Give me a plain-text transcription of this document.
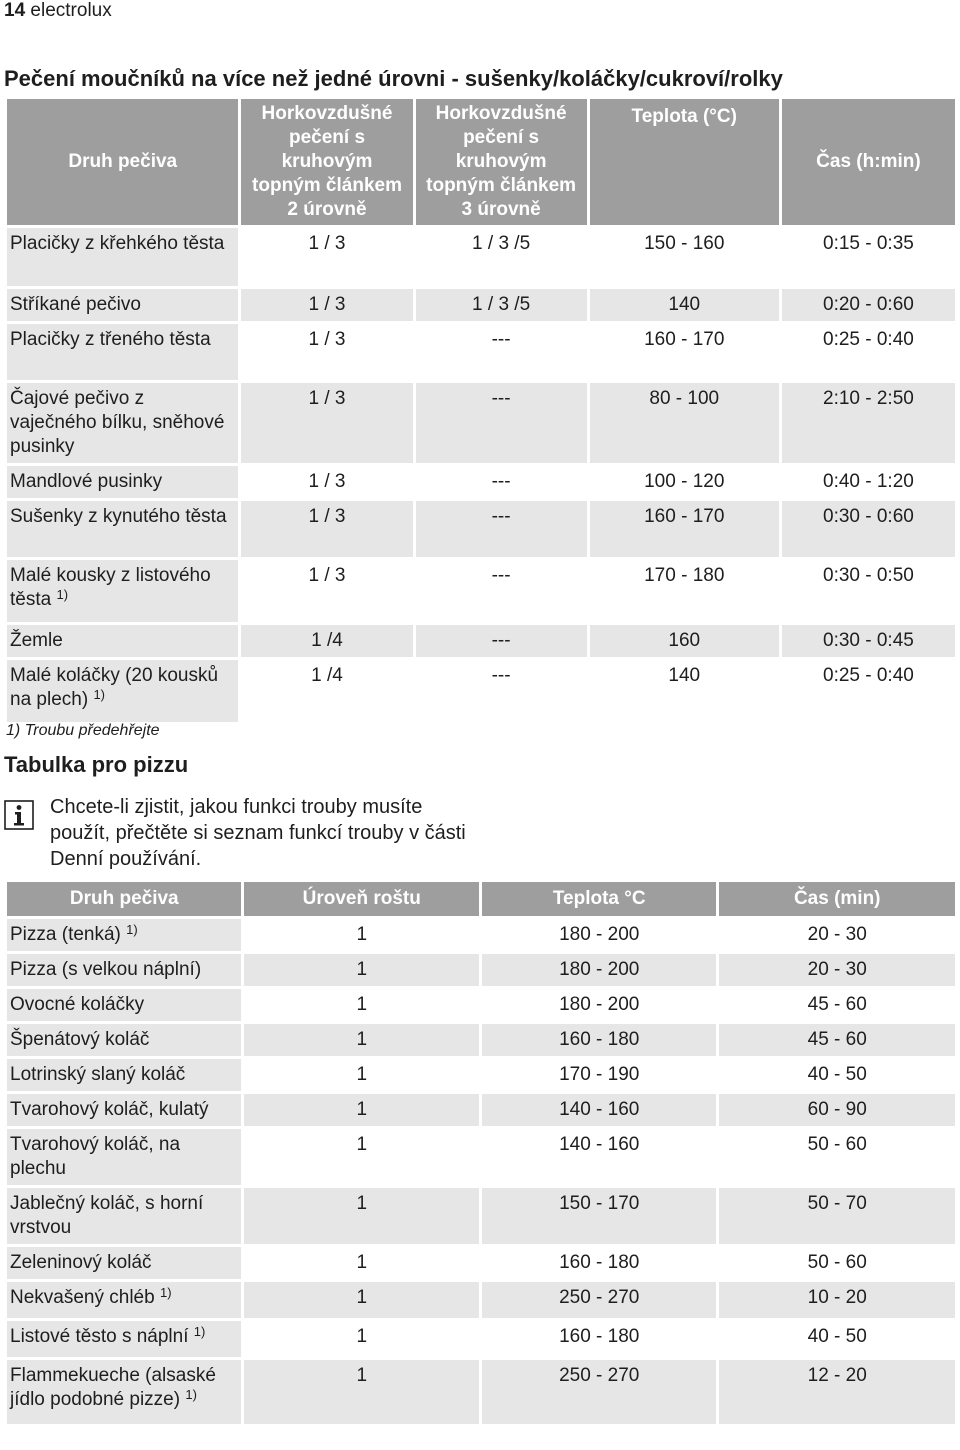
14 electrolux
Pečení moučníků na více než jedné úrovni - sušenky/koláčky/cukroví/rolky
Druh pečiva	Horkovzdušné pečení s kruhovým topným článkem 2 úrovně	Horkovzdušné pečení s kruhovým topným článkem 3 úrovně	Teplota (°C)	Čas (h:min)
Placičky z křehkého těsta	1 / 3	1 / 3 /5	150 - 160	0:15 - 0:35
Stříkané pečivo	1 / 3	1 / 3 /5	140	0:20 - 0:60
Placičky z třeného těsta	1 / 3	---	160 - 170	0:25 - 0:40
Čajové pečivo z vaječného bílku, sněhové pusinky	1 / 3	---	80 - 100	2:10 - 2:50
Mandlové pusinky	1 / 3	---	100 - 120	0:40 - 1:20
Sušenky z kynutého těsta	1 / 3	---	160 - 170	0:30 - 0:60
Malé kousky z listového těsta $^{1)}$	1 / 3	---	170 - 180	0:30 - 0:50
Žemle	1 /4	---	160	0:30 - 0:45
Malé koláčky (20 kousků na plech) $^{1)}$	1 /4	---	140	0:25 - 0:40
1) Troubu předehřejte
Tabulka pro pizzu
Chcete-li zjistit, jakou funkci trouby musíte použít, přečtěte si seznam funkcí trouby v části Denní používání.
Druh pečiva	Úroveň roštu	Teplota °C	Čas (min)
Pizza (tenká) $^{1)}$	1	180 - 200	20 - 30
Pizza (s velkou náplní)	1	180 - 200	20 - 30
Ovocné koláčky	1	180 - 200	45 - 60
Špenátový koláč	1	160 - 180	45 - 60
Lotrinský slaný koláč	1	170 - 190	40 - 50
Tvarohový koláč, kulatý	1	140 - 160	60 - 90
Tvarohový koláč, na plechu	1	140 - 160	50 - 60
Jablečný koláč, s horní vrstvou	1	150 - 170	50 - 70
Zeleninový koláč	1	160 - 180	50 - 60
Nekvašený chléb $^{1)}$	1	250 - 270	10 - 20
Listové těsto s náplní $^{1)}$	1	160 - 180	40 - 50
Flammekueche (alsaské jídlo podobné pizze) $^{1)}$	1	250 - 270	12 - 20
